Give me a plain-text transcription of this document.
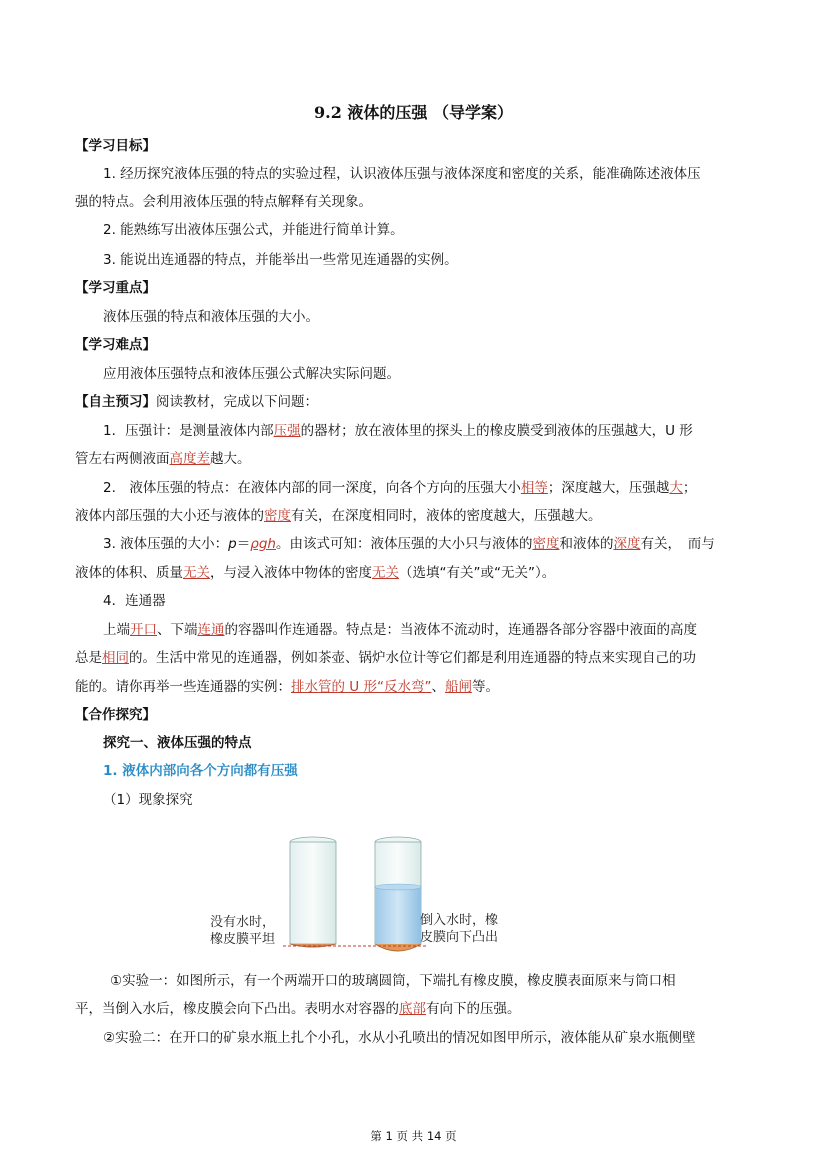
9.2 液体的压强 （导学案）
【学习目标】
1. 经历探究液体压强的特点的实验过程，认识液体压强与液体深度和密度的关系，能准确陈述液体压
强的特点。会利用液体压强的特点解释有关现象。
2. 能熟练写出液体压强公式，并能进行简单计算。
3. 能说出连通器的特点，并能举出一些常见连通器的实例。
【学习重点】
液体压强的特点和液体压强的大小。
【学习难点】
应用液体压强特点和液体压强公式解决实际问题。
【自主预习】阅读教材，完成以下问题：
1．压强计：是测量液体内部压强的器材；放在液体里的探头上的橡皮膜受到液体的压强越大，U 形
管左右两侧液面高度差越大。
2.　液体压强的特点：在液体内部的同一深度，向各个方向的压强大小相等；深度越大，压强越大；
液体内部压强的大小还与液体的密度有关，在深度相同时，液体的密度越大，压强越大。
3. 液体压强的大小：p＝ρgh。由该式可知：液体压强的大小只与液体的密度和液体的深度有关，　而与
液体的体积、质量无关，与浸入液体中物体的密度无关（选填“有关”或“无关”）。
4．连通器
上端开口、下端连通的容器叫作连通器。特点是：当液体不流动时，连通器各部分容器中液面的高度
总是相同的。生活中常见的连通器，例如茶壶、锅炉水位计等它们都是利用连通器的特点来实现自己的功
能的。请你再举一些连通器的实例：排水管的 U 形“反水弯”、船闸等。
【合作探究】
探究一、液体压强的特点
1. 液体内部向各个方向都有压强
（1）现象探究
没有水时，
橡皮膜平坦
倒入水时，橡
皮膜向下凸出
①实验一：如图所示，有一个两端开口的玻璃圆筒，下端扎有橡皮膜，橡皮膜表面原来与筒口相
平，当倒入水后，橡皮膜会向下凸出。表明水对容器的底部有向下的压强。
②实验二：在开口的矿泉水瓶上扎个小孔，水从小孔喷出的情况如图甲所示，液体能从矿泉水瓶侧壁
第 1 页 共 14 页
